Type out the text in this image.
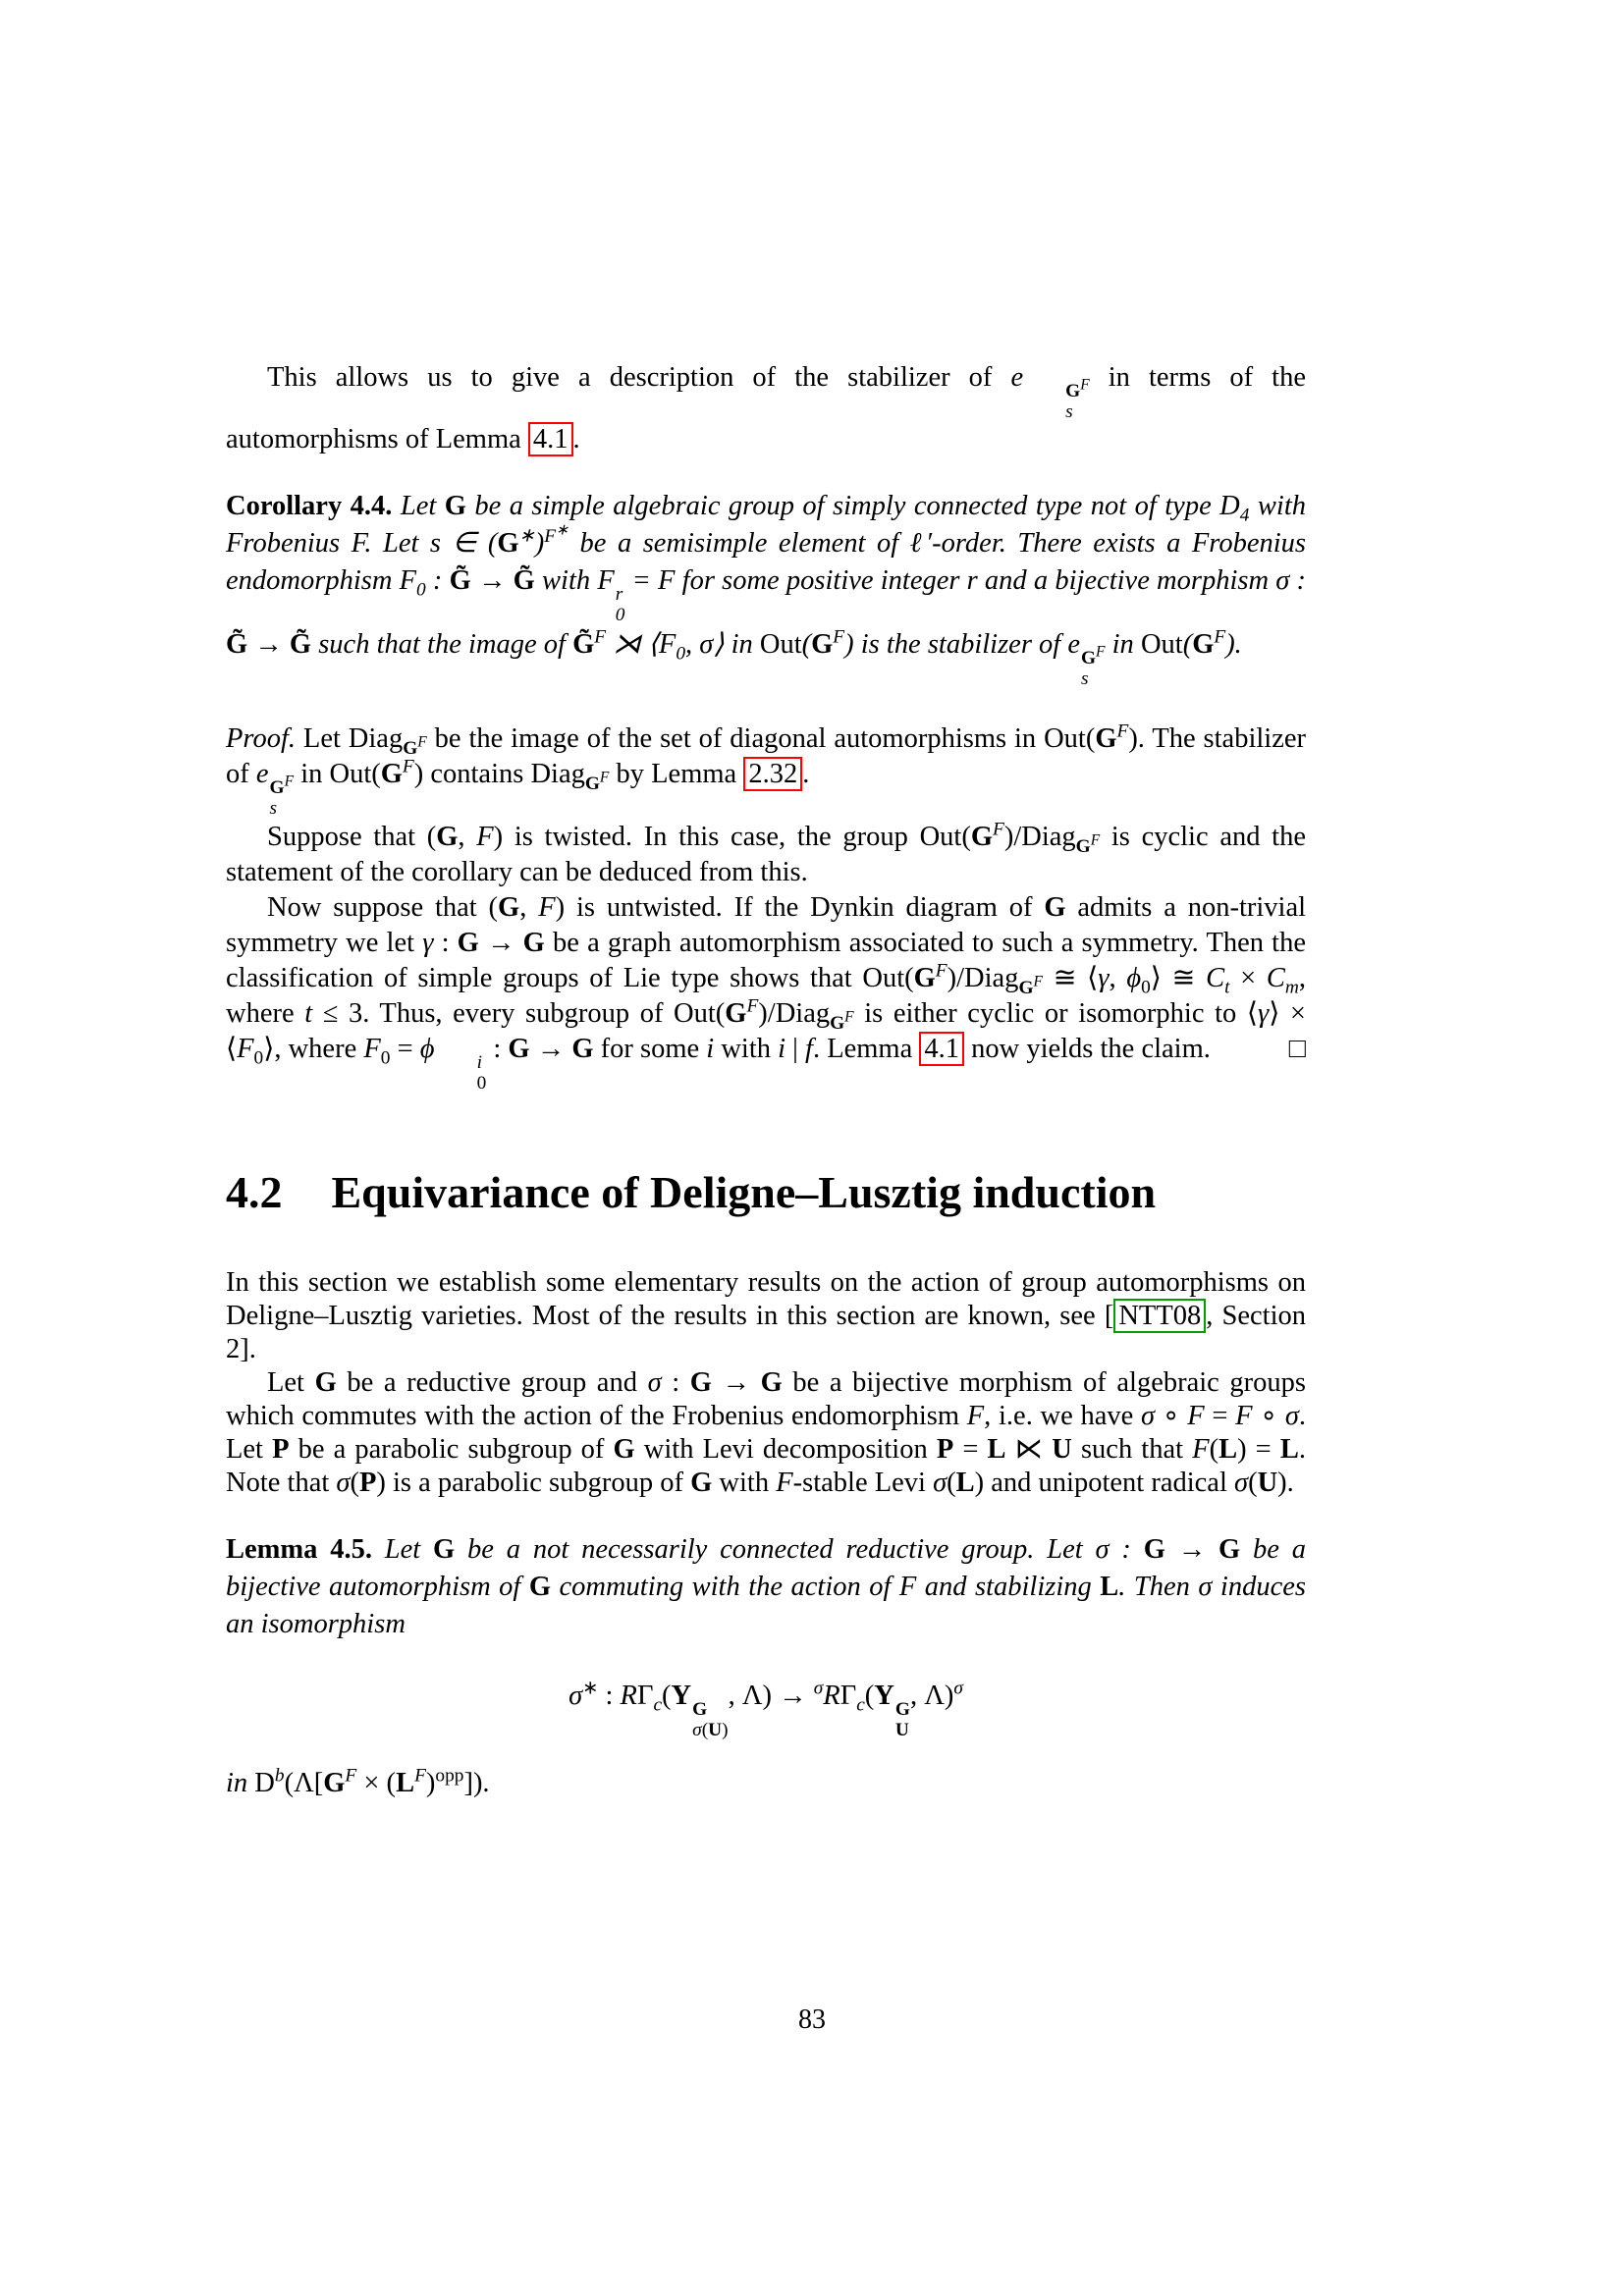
This allows us to give a description of the stabilizer of e	$G^F$
s
in terms of the automorphisms of Lemma 4.1 .

Corollary 4.4. Let G be a simple algebraic group of simply connected type not of type $D_4$ with Frobenius F. Let s ∈ $(G^∗)^{F^∗}$ be a semisimple element of ℓ′-order. There exists a Frobenius endomorphism $F_0$ : G̃ → G̃ with F r
0
= F for some positive integer r and a bijective morphism σ : G̃ → G̃ such that the image of G̃$^F$ ⋊ $⟨F_0$, σ⟩ in $Out(G^F)$ is the stabilizer of e $G^F$
s
in $Out(G^F)$.

Proof. Let Diag$_{G^F}$ be the image of the set of diagonal automorphisms in $Out(G^F)$. The stabilizer of e $G^F$
s
in $Out(G^F)$ contains Diag$_{G^F}$ by Lemma 2.32 .

Suppose that (G, F) is twisted. In this case, the group $Out(G^F)/Diag_{G^F}$ is cyclic and the statement of the corollary can be deduced from this.

Now suppose that (G, F) is untwisted. If the Dynkin diagram of G admits a non-trivial symmetry we let γ : G → G be a graph automorphism associated to such a symmetry. Then the classification of simple groups of Lie type shows that $Out(G^F)/Diag_{G^F}$ ≅ ⟨γ, $\phi_0⟩$ ≅ $C_t \times C_m$, where t ≤ 3. Thus, every subgroup of $Out(G^F)/Diag_{G^F}$ is either cyclic or isomorphic to ⟨γ⟩ × $⟨F_0⟩$, where $F_0 = \phi$	i
0
: G → G for some i with i | f. Lemma 4.1 now yields the claim.	□

4.2 Equivariance of Deligne–Lusztig induction

In this section we establish some elementary results on the action of group automorphisms on Deligne–Lusztig varieties. Most of the results in this section are known, see [ NTT08 , Section 2].

Let G be a reductive group and σ : G → G be a bijective morphism of algebraic groups which commutes with the action of the Frobenius endomorphism F, i.e. we have σ ∘ F = F ∘ σ. Let P be a parabolic subgroup of G with Levi decomposition P = L ⋉ U such that F(L) = L. Note that σ(P) is a parabolic subgroup of G with F-stable Levi σ(L) and unipotent radical σ(U).

Lemma 4.5. Let G be a not necessarily connected reductive group. Let σ : G → G be a bijective automorphism of G commuting with the action of F and stabilizing L. Then σ induces an isomorphism

σ∗ : $R\Gamma_c(Y$ G
σ(U)
, $\Lambda) \to ^\sigma R\Gamma_c(Y$ G
U
, Λ)$^\sigma$

in $D^b(\Lambda[G^F \times (L^F)^{opp}])$.

83
